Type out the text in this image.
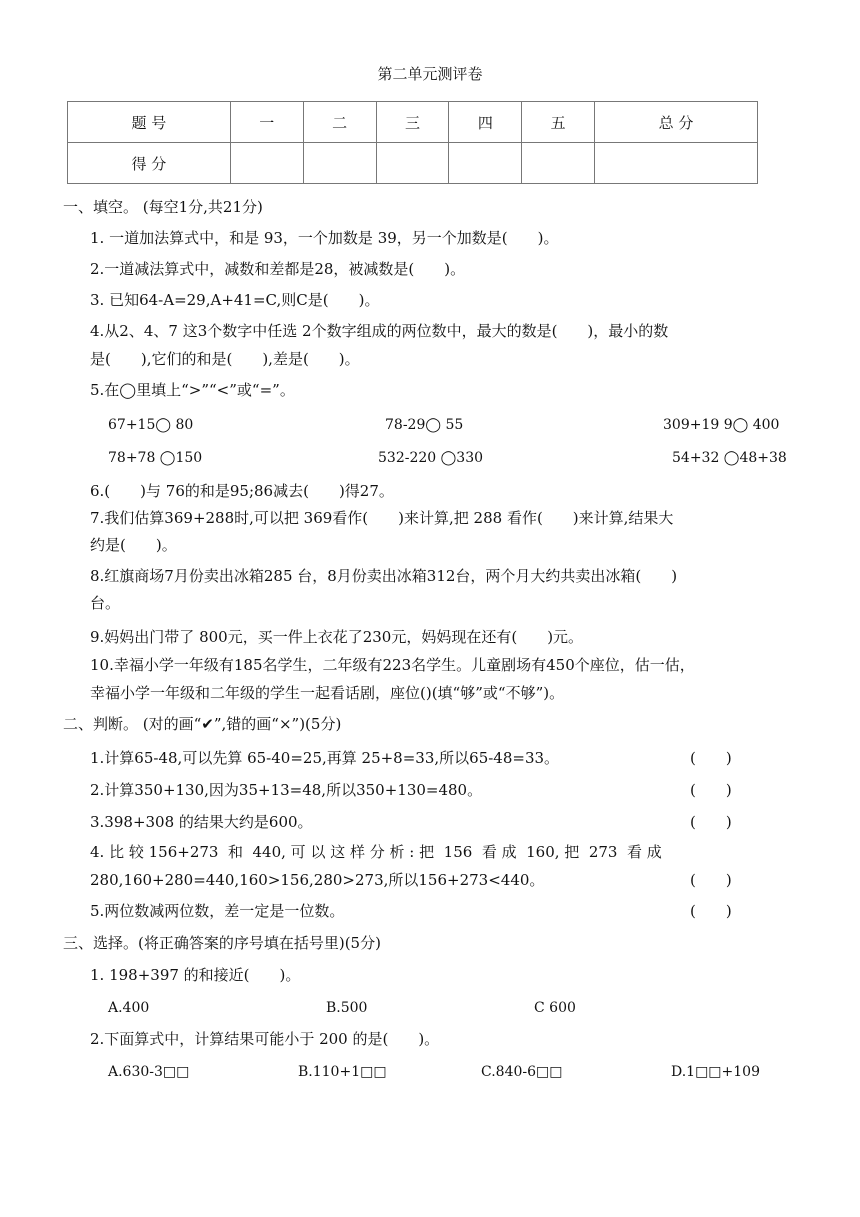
第二单元测评卷
题 号	一	二	三	四	五	总 分
得 分						
一、填空。 (每空1分,共21分)
1. 一道加法算式中，和是 93，一个加数是 39，另一个加数是(　　)。
2.一道减法算式中，减数和差都是28，被减数是(　　)。
3. 已知64-A=29,A+41=C,则C是(　　)。
4.从2、4、7 这3个数字中任选 2个数字组成的两位数中，最大的数是(　　)，最小的数
是(　　),它们的和是(　　),差是(　　)。
5.在◯里填上“>”“<”或“=”。
67+15◯ 80	78-29◯ 55	309+19 9◯ 400
78+78 ◯150	532-220 ◯330	54+32 ◯48+38
6.(　　)与 76的和是95;86减去(　　)得27。
7.我们估算369+288时,可以把 369看作(　　)来计算,把 288 看作(　　)来计算,结果大
约是(　　)。
8.红旗商场7月份卖出冰箱285 台，8月份卖出冰箱312台，两个月大约共卖出冰箱(　　)
台。
9.妈妈出门带了 800元，买一件上衣花了230元，妈妈现在还有(　　)元。
10.幸福小学一年级有185名学生，二年级有223名学生。儿童剧场有450个座位，估一估，
幸福小学一年级和二年级的学生一起看话剧，座位()(填“够”或“不够”)。
二、判断。 (对的画“✔”,错的画“×”)(5分)
1.计算65-48,可以先算 65-40=25,再算 25+8=33,所以65-48=33。	(　　)
2.计算350+130,因为35+13=48,所以350+130=480。	(　　)
3.398+308 的结果大约是600。	(　　)
4. 比 较 156+273  和  440, 可 以 这 样 分 析 : 把  156  看 成  160, 把  273  看 成
280,160+280=440,160>156,280>273,所以156+273<440。	(　　)
5.两位数减两位数，差一定是一位数。	(　　)
三、选择。(将正确答案的序号填在括号里)(5分)
1. 198+397 的和接近(　　)。
A.400	B.500	C 600
2.下面算式中，计算结果可能小于 200 的是(　　)。
A.630-3□□	B.110+1□□	C.840-6□□	D.1□□+109
